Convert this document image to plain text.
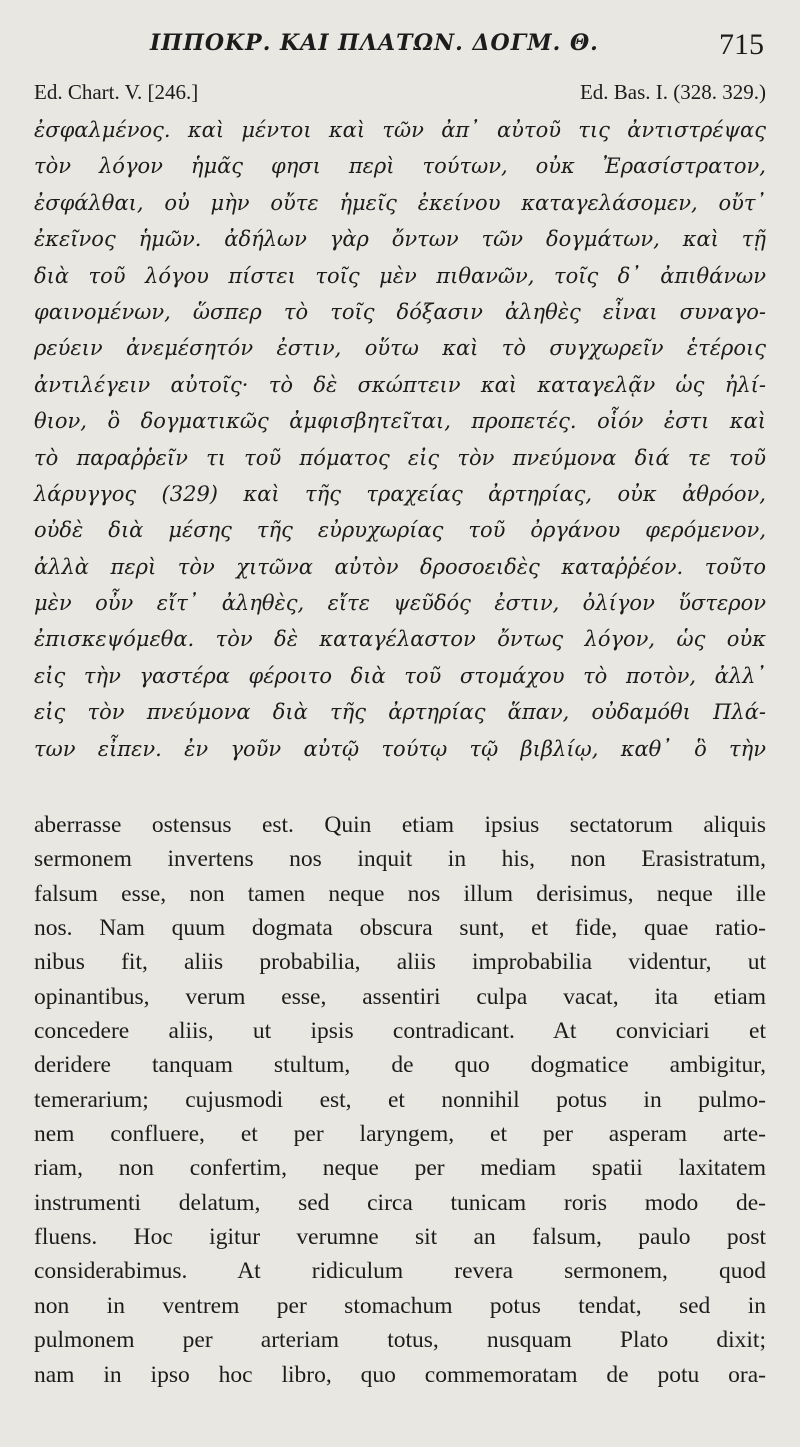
ΙΠΠΟΚΡ. ΚΑΙ ΠΛΑΤΩΝ. ΔΟΓΜ. Θ.	715
Ed. Chart. V. [246.]	Ed. Bas. I. (328. 329.)
ἐσφαλμένος. καὶ μέντοι καὶ τῶν ἀπ᾽ αὐτοῦ τις ἀντιστρέψας
τὸν λόγον ἡμᾶς φησι περὶ τούτων, οὐκ Ἐρασίστρατον,
ἐσφάλθαι, οὐ μὴν οὔτε ἡμεῖς ἐκείνου καταγελάσομεν, οὔτ᾽
ἐκεῖνος ἡμῶν. ἀδήλων γὰρ ὄντων τῶν δογμάτων, καὶ τῇ
διὰ τοῦ λόγου πίστει τοῖς μὲν πιθανῶν, τοῖς δ᾽ ἀπιθάνων
φαινομένων, ὥσπερ τὸ τοῖς δόξασιν ἀληθὲς εἶναι συναγο-
ρεύειν ἀνεμέσητόν ἐστιν, οὕτω καὶ τὸ συγχωρεῖν ἑτέροις
ἀντιλέγειν αὐτοῖς· τὸ δὲ σκώπτειν καὶ καταγελᾷν ὡς ἠλί-
θιον, ὃ δογματικῶς ἀμφισβητεῖται, προπετές. οἷόν ἐστι καὶ
τὸ παραῤῥεῖν τι τοῦ πόματος εἰς τὸν πνεύμονα διά τε τοῦ
λάρυγγος (329) καὶ τῆς τραχείας ἀρτηρίας, οὐκ ἀθρόον,
οὐδὲ διὰ μέσης τῆς εὐρυχωρίας τοῦ ὀργάνου φερόμενον,
ἀλλὰ περὶ τὸν χιτῶνα αὐτὸν δροσοειδὲς καταῤῥέον. τοῦτο
μὲν οὖν εἴτ᾽ ἀληθὲς, εἴτε ψεῦδός ἐστιν, ὀλίγον ὕστερον
ἐπισκεψόμεθα. τὸν δὲ καταγέλαστον ὄντως λόγον, ὡς οὐκ
εἰς τὴν γαστέρα φέροιτο διὰ τοῦ στομάχου τὸ ποτὸν, ἀλλ᾽
εἰς τὸν πνεύμονα διὰ τῆς ἀρτηρίας ἅπαν, οὐδαμόθι Πλά-
των εἶπεν. ἐν γοῦν αὐτῷ τούτῳ τῷ βιβλίῳ, καθ᾽ ὃ τὴν
aberrasse ostensus est. Quin etiam ipsius sectatorum aliquis
sermonem invertens nos inquit in his, non Erasistratum,
falsum esse, non tamen neque nos illum derisimus, neque ille
nos. Nam quum dogmata obscura sunt, et fide, quae ratio-
nibus fit, aliis probabilia, aliis improbabilia videntur, ut
opinantibus, verum esse, assentiri culpa vacat, ita etiam
concedere aliis, ut ipsis contradicant. At conviciari et
deridere tanquam stultum, de quo dogmatice ambigitur,
temerarium; cujusmodi est, et nonnihil potus in pulmo-
nem confluere, et per laryngem, et per asperam arte-
riam, non confertim, neque per mediam spatii laxitatem
instrumenti delatum, sed circa tunicam roris modo de-
fluens. Hoc igitur verumne sit an falsum, paulo post
considerabimus. At ridiculum revera sermonem, quod
non in ventrem per stomachum potus tendat, sed in
pulmonem per arteriam totus, nusquam Plato dixit;
nam in ipso hoc libro, quo commemoratam de potu ora-
